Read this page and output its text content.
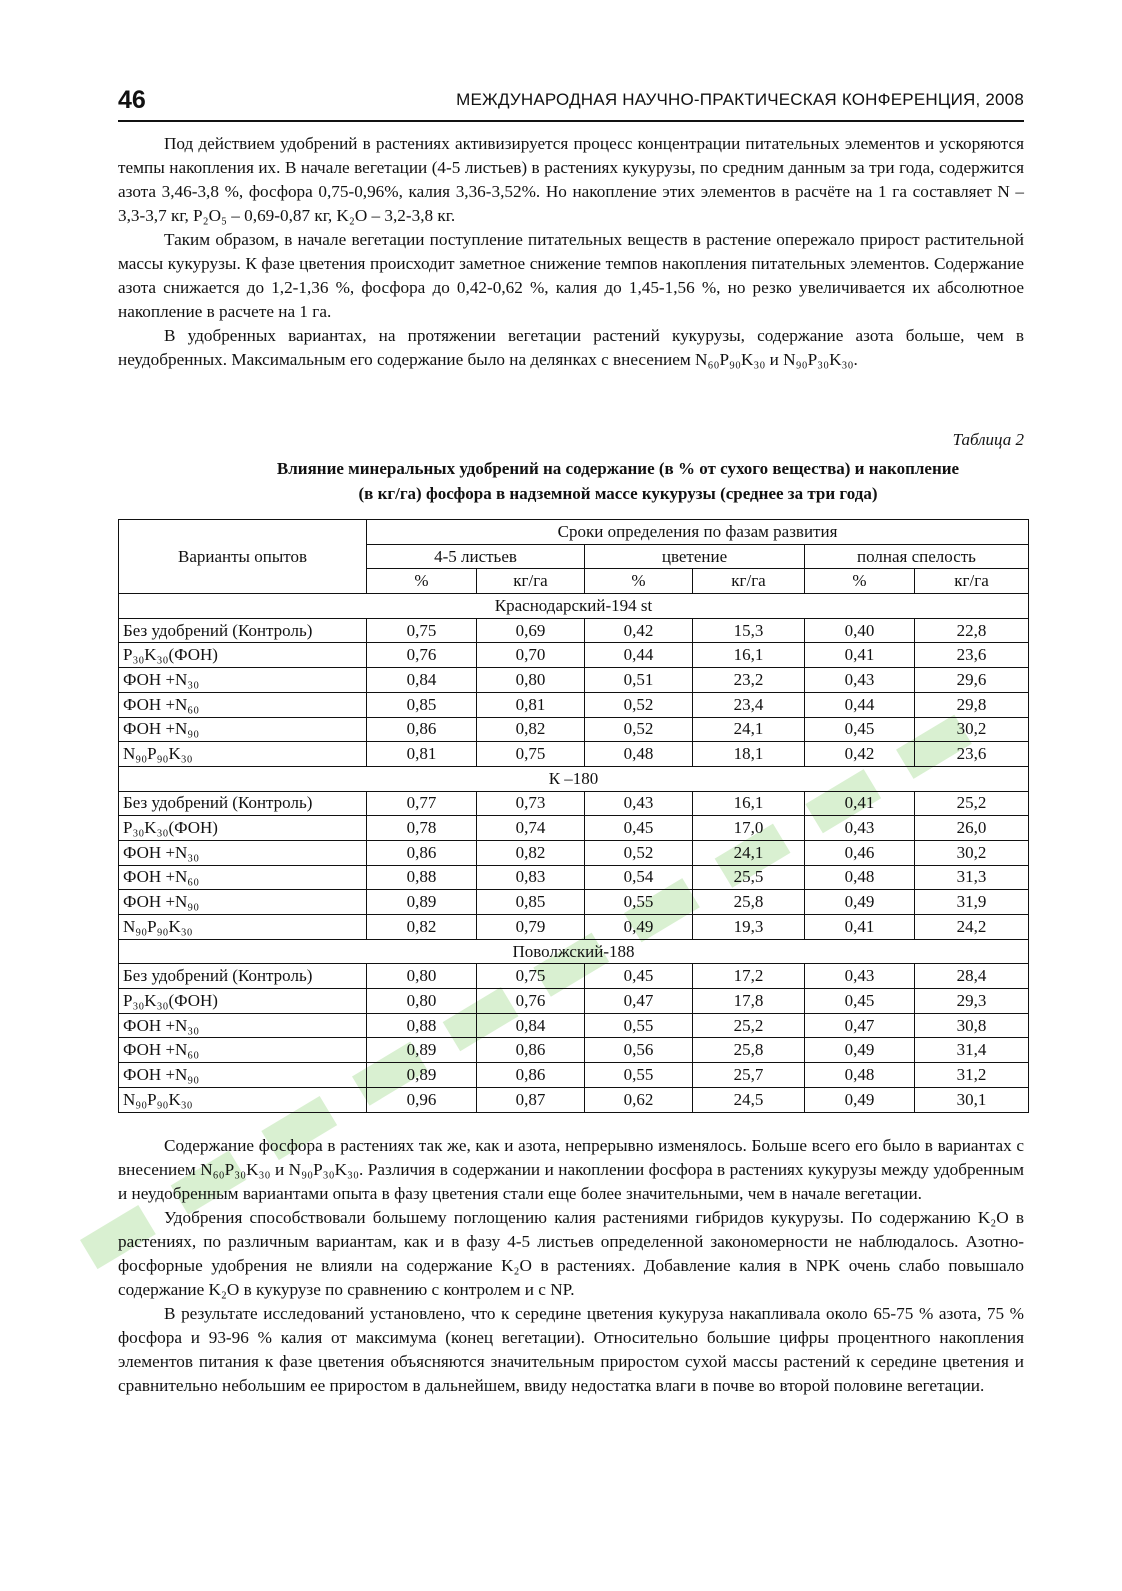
46	МЕЖДУНАРОДНАЯ НАУЧНО-ПРАКТИЧЕСКАЯ КОНФЕРЕНЦИЯ, 2008

Под действием удобрений в растениях активизируется процесс концентрации питательных элементов и ускоряются темпы накопления их. В начале вегетации (4-5 листьев) в растениях кукурузы, по средним данным за три года, содержится азота 3,46-3,8 %, фосфора 0,75-0,96%, калия 3,36-3,52%. Но накопление этих элементов в расчёте на 1 га составляет N – 3,3-3,7 кг, P₂O₅ – 0,69-0,87 кг, K₂O – 3,2-3,8 кг.

Таким образом, в начале вегетации поступление питательных веществ в растение опережало прирост растительной массы кукурузы. К фазе цветения происходит заметное снижение темпов накопления питательных элементов. Содержание азота снижается до 1,2-1,36 %, фосфора до 0,42-0,62 %, калия до 1,45-1,56 %, но резко увеличивается их абсолютное накопление в расчете на 1 га.

В удобренных вариантах, на протяжении вегетации растений кукурузы, содержание азота больше, чем в неудобренных. Максимальным его содержание было на делянках с внесением N₆₀P₉₀K₃₀ и N₉₀P₃₀K₃₀.

Таблица 2
Влияние минеральных удобрений на содержание (в % от сухого вещества) и накопление
(в кг/га) фосфора в надземной массе кукурузы (среднее за три года)
Варианты опытов	Сроки определения по фазам развития					
	4-5 листьев		цветение		полная спелость	
	%	кг/га	%	кг/га	%	кг/га
Краснодарский-194 st						
Без удобрений (Контроль)	0,75	0,69	0,42	15,3	0,40	22,8
P₃₀K₃₀(ФОН)	0,76	0,70	0,44	16,1	0,41	23,6
ФОН +N₃₀	0,84	0,80	0,51	23,2	0,43	29,6
ФОН +N₆₀	0,85	0,81	0,52	23,4	0,44	29,8
ФОН +N₉₀	0,86	0,82	0,52	24,1	0,45	30,2
N₉₀P₉₀K₃₀	0,81	0,75	0,48	18,1	0,42	23,6
К –180						
Без удобрений (Контроль)	0,77	0,73	0,43	16,1	0,41	25,2
P₃₀K₃₀(ФОН)	0,78	0,74	0,45	17,0	0,43	26,0
ФОН +N₃₀	0,86	0,82	0,52	24,1	0,46	30,2
ФОН +N₆₀	0,88	0,83	0,54	25,5	0,48	31,3
ФОН +N₉₀	0,89	0,85	0,55	25,8	0,49	31,9
N₉₀P₉₀K₃₀	0,82	0,79	0,49	19,3	0,41	24,2
Поволжский-188						
Без удобрений (Контроль)	0,80	0,75	0,45	17,2	0,43	28,4
P₃₀K₃₀(ФОН)	0,80	0,76	0,47	17,8	0,45	29,3
ФОН +N₃₀	0,88	0,84	0,55	25,2	0,47	30,8
ФОН +N₆₀	0,89	0,86	0,56	25,8	0,49	31,4
ФОН +N₉₀	0,89	0,86	0,55	25,7	0,48	31,2
N₉₀P₉₀K₃₀	0,96	0,87	0,62	24,5	0,49	30,1

Содержание фосфора в растениях так же, как и азота, непрерывно изменялось. Больше всего его было в вариантах с внесением N₆₀P₃₀K₃₀ и N₉₀P₃₀K₃₀. Различия в содержании и накоплении фосфора в растениях кукурузы между удобренным и неудобренным вариантами опыта в фазу цветения стали еще более значительными, чем в начале вегетации.

Удобрения способствовали большему поглощению калия растениями гибридов кукурузы. По содержанию K₂O в растениях, по различным вариантам, как и в фазу 4-5 листьев определенной закономерности не наблюдалось. Азотно-фосфорные удобрения не влияли на содержание K₂O в растениях. Добавление калия в NPK очень слабо повышало содержание K₂O в кукурузе по сравнению с контролем и с NP.

В результате исследований установлено, что к середине цветения кукуруза накапливала около 65-75 % азота, 75 % фосфора и 93-96 % калия от максимума (конец вегетации). Относительно большие цифры процентного накопления элементов питания к фазе цветения объясняются значительным приростом сухой массы растений к середине цветения и сравнительно небольшим ее приростом в дальнейшем, ввиду недостатка влаги в почве во второй половине вегетации.
